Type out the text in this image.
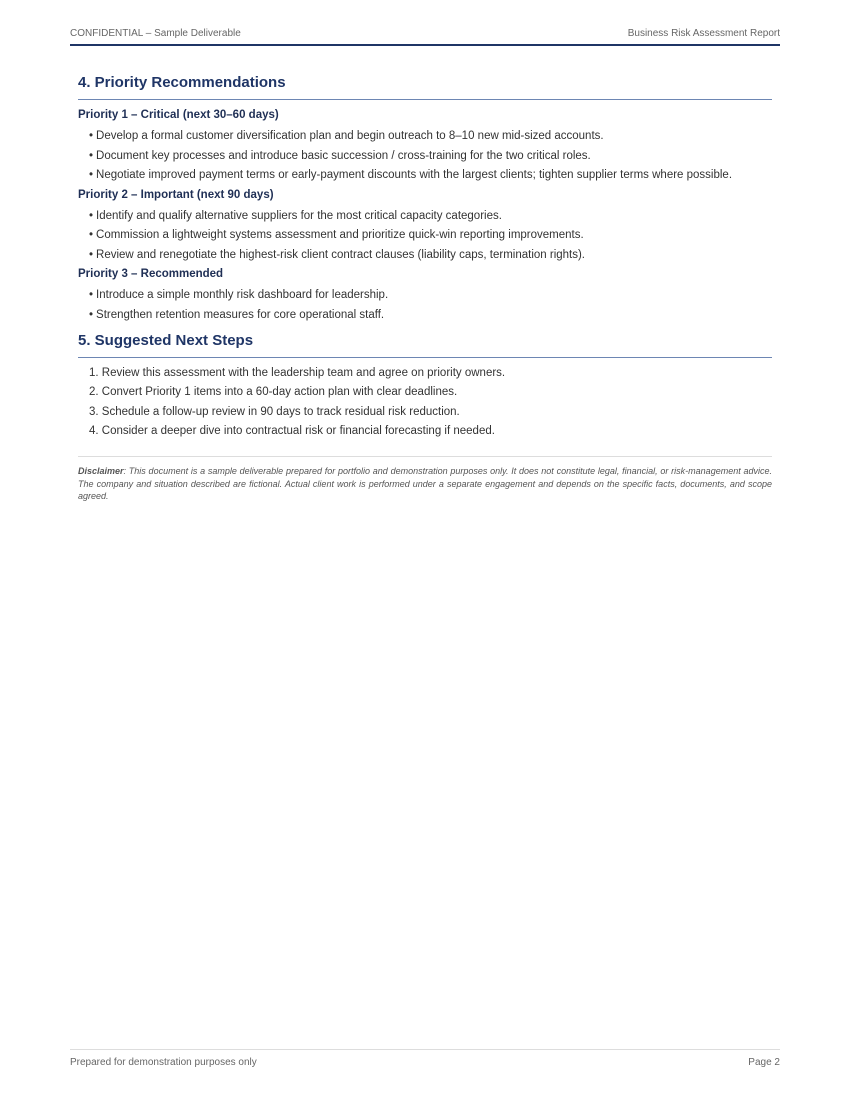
CONFIDENTIAL – Sample Deliverable	Business Risk Assessment Report
4. Priority Recommendations
Priority 1 – Critical (next 30–60 days)
• Develop a formal customer diversification plan and begin outreach to 8–10 new mid-sized accounts.
• Document key processes and introduce basic succession / cross-training for the two critical roles.
• Negotiate improved payment terms or early-payment discounts with the largest clients; tighten supplier terms where possible.
Priority 2 – Important (next 90 days)
• Identify and qualify alternative suppliers for the most critical capacity categories.
• Commission a lightweight systems assessment and prioritize quick-win reporting improvements.
• Review and renegotiate the highest-risk client contract clauses (liability caps, termination rights).
Priority 3 – Recommended
• Introduce a simple monthly risk dashboard for leadership.
• Strengthen retention measures for core operational staff.
5. Suggested Next Steps
1. Review this assessment with the leadership team and agree on priority owners.
2. Convert Priority 1 items into a 60-day action plan with clear deadlines.
3. Schedule a follow-up review in 90 days to track residual risk reduction.
4. Consider a deeper dive into contractual risk or financial forecasting if needed.

Disclaimer: This document is a sample deliverable prepared for portfolio and demonstration purposes only. It does not constitute legal, financial, or risk-management advice. The company and situation described are fictional. Actual client work is performed under a separate engagement and depends on the specific facts, documents, and scope agreed.

Prepared for demonstration purposes only	Page 2
